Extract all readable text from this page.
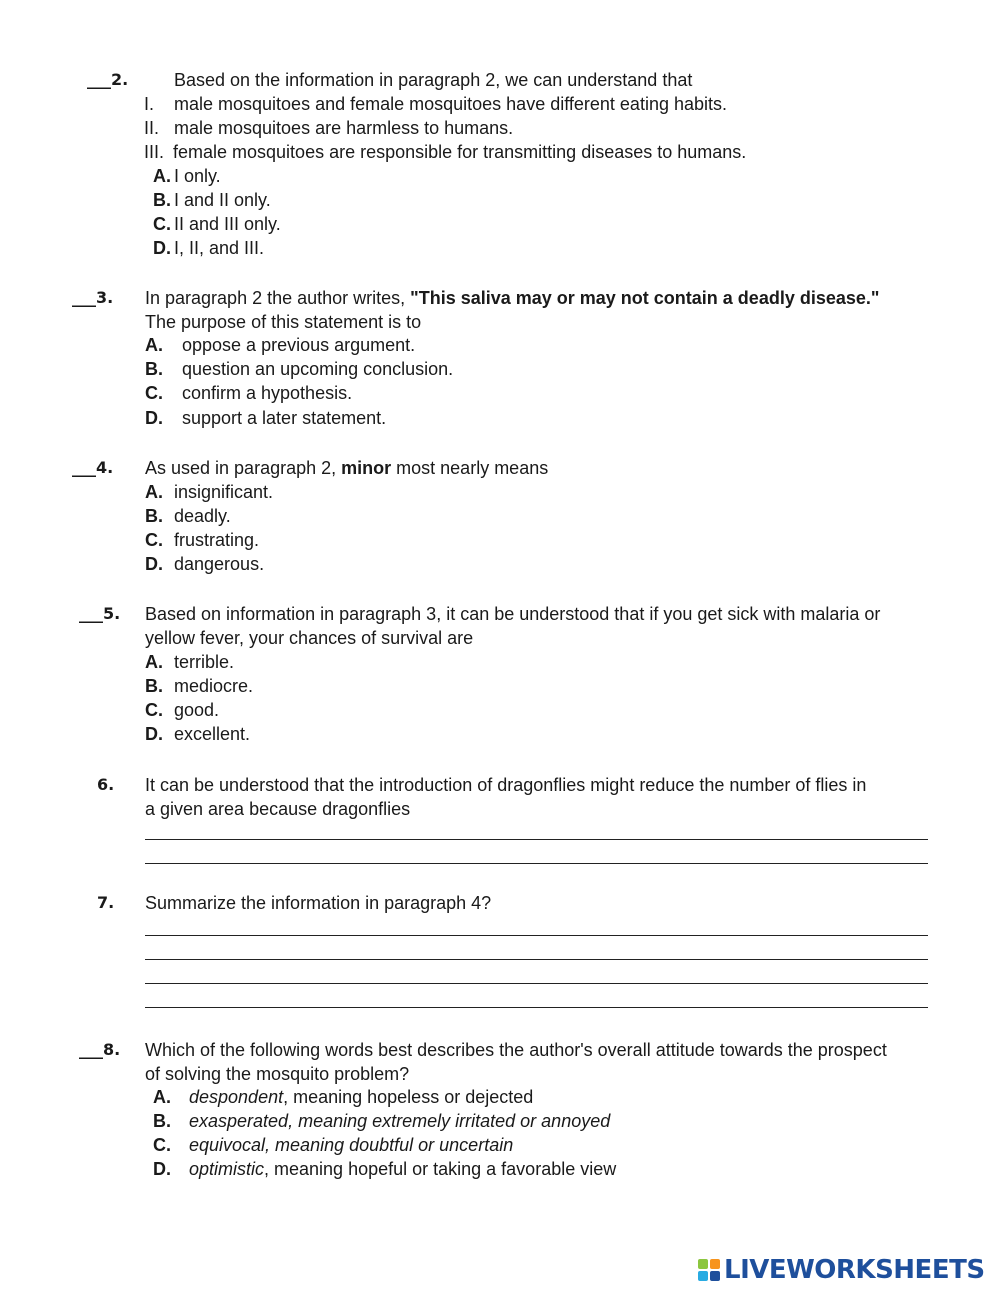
___2.	Based on the information in paragraph 2, we can understand that
I. male mosquitoes and female mosquitoes have different eating habits.
II. male mosquitoes are harmless to humans.
III. female mosquitoes are responsible for transmitting diseases to humans.
A. I only.
B. I and II only.
C. II and III only.
D. I, II, and III.
___3. In paragraph 2 the author writes, "This saliva may or may not contain a deadly disease."
The purpose of this statement is to
A. oppose a previous argument.
B. question an upcoming conclusion.
C. confirm a hypothesis.
D. support a later statement.
___4. As used in paragraph 2, minor most nearly means
A. insignificant.
B. deadly.
C. frustrating.
D. dangerous.
___5. Based on information in paragraph 3, it can be understood that if you get sick with malaria or
yellow fever, your chances of survival are
A. terrible.
B. mediocre.
C. good.
D. excellent.
6. It can be understood that the introduction of dragonflies might reduce the number of flies in
a given area because dragonflies
7. Summarize the information in paragraph 4?
___8. Which of the following words best describes the author's overall attitude towards the prospect
of solving the mosquito problem?
A. despondent, meaning hopeless or dejected
B. exasperated, meaning extremely irritated or annoyed
C. equivocal, meaning doubtful or uncertain
D. optimistic, meaning hopeful or taking a favorable view
LIVEWORKSHEETS
